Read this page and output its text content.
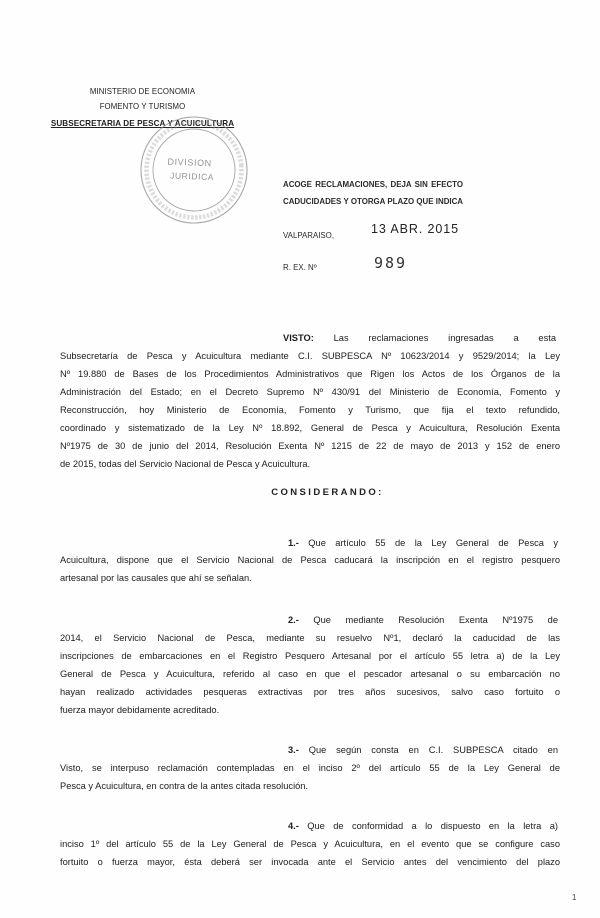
MINISTERIO DE ECONOMIA
FOMENTO Y TURISMO
SUBSECRETARIA DE PESCA Y ACUICULTURA
DIVISION
JURIDICA
ACOGE RECLAMACIONES, DEJA SIN EFECTO
CADUCIDADES Y OTORGA PLAZO QUE INDICA
VALPARAISO,	13 ABR. 2015
R. EX. Nº	989
VISTO: Las reclamaciones ingresadas a esta
Subsecretaría de Pesca y Acuicultura mediante C.I. SUBPESCA Nº 10623/2014 y 9529/2014; la Ley
Nº 19.880 de Bases de los Procedimientos Administrativos que Rigen los Actos de los Órganos de la
Administración del Estado; en el Decreto Supremo Nº 430/91 del Ministerio de Economía, Fomento y
Reconstrucción, hoy Ministerio de Economía, Fomento y Turismo, que fija el texto refundido,
coordinado y sistematizado de la Ley Nº 18.892, General de Pesca y Acuicultura, Resolución Exenta
Nº1975 de 30 de junio del 2014, Resolución Exenta Nº 1215 de 22 de mayo de 2013 y 152 de enero
de 2015, todas del Servicio Nacional de Pesca y Acuicultura.
CONSIDERANDO:
1.- Que artículo 55 de la Ley General de Pesca y
Acuicultura, dispone que el Servicio Nacional de Pesca caducará la inscripción en el registro pesquero
artesanal por las causales que ahí se señalan.
2.- Que mediante Resolución Exenta Nº1975 de
2014, el Servicio Nacional de Pesca, mediante su resuelvo Nº1, declaró la caducidad de las
inscripciones de embarcaciones en el Registro Pesquero Artesanal por el artículo 55 letra a) de la Ley
General de Pesca y Acuicultura, referido al caso en que el pescador artesanal o su embarcación no
hayan realizado actividades pesqueras extractivas por tres años sucesivos, salvo caso fortuito o
fuerza mayor debidamente acreditado.
3.- Que según consta en C.I. SUBPESCA citado en
Visto, se interpuso reclamación contempladas en el inciso 2º del artículo 55 de la Ley General de
Pesca y Acuicultura, en contra de la antes citada resolución.
4.- Que de conformidad a lo dispuesto en la letra a)
inciso 1º del artículo 55 de la Ley General de Pesca y Acuicultura, en el evento que se configure caso
fortuito o fuerza mayor, ésta deberá ser invocada ante el Servicio antes del vencimiento del plazo
1
